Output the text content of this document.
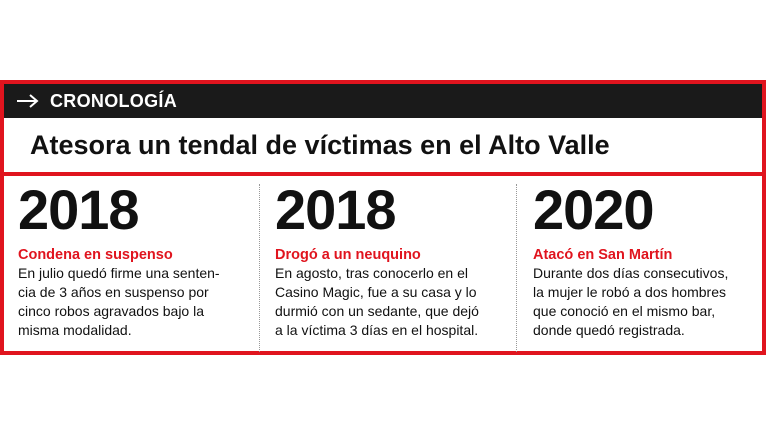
CRONOLOGÍA
Atesora un tendal de víctimas en el Alto Valle
2018
Condena en suspenso

En julio quedó firme una senten-
cia de 3 años en suspenso por
cinco robos agravados bajo la
misma modalidad.

2018
Drogó a un neuquino

En agosto, tras conocerlo en el
Casino Magic, fue a su casa y lo
durmió con un sedante, que dejó
a la víctima 3 días en el hospital.

2020
Atacó en San Martín

Durante dos días consecutivos,
la mujer le robó a dos hombres
que conoció en el mismo bar,
donde quedó registrada.
